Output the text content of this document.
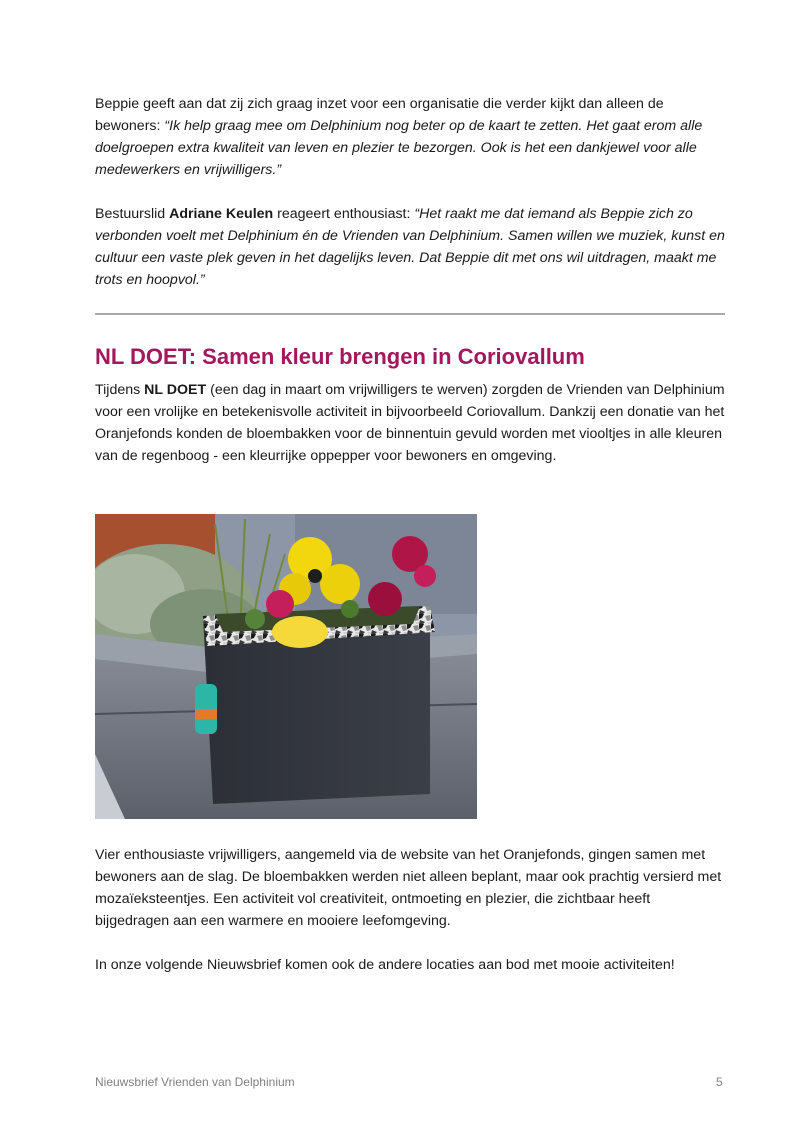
Beppie geeft aan dat zij zich graag inzet voor een organisatie die verder kijkt dan alleen de bewoners: “Ik help graag mee om Delphinium nog beter op de kaart te zetten. Het gaat erom alle doelgroepen extra kwaliteit van leven en plezier te bezorgen. Ook is het een dankjewel voor alle medewerkers en vrijwilligers.”

Bestuurslid Adriane Keulen reageert enthousiast: “Het raakt me dat iemand als Beppie zich zo verbonden voelt met Delphinium én de Vrienden van Delphinium. Samen willen we muziek, kunst en cultuur een vaste plek geven in het dagelijks leven. Dat Beppie dit met ons wil uitdragen, maakt me trots en hoopvol.”

NL DOET: Samen kleur brengen in Coriovallum

Tijdens NL DOET (een dag in maart om vrijwilligers te werven) zorgden de Vrienden van Delphinium voor een vrolijke en betekenisvolle activiteit in bijvoorbeeld Coriovallum. Dankzij een donatie van het Oranjefonds konden de bloembakken voor de binnentuin gevuld worden met viooltjes in alle kleuren van de regenboog - een kleurrijke oppepper voor bewoners en omgeving.

Vier enthousiaste vrijwilligers, aangemeld via de website van het Oranjefonds, gingen samen met bewoners aan de slag. De bloembakken werden niet alleen beplant, maar ook prachtig versierd met mozaïeksteentjes. Een activiteit vol creativiteit, ontmoeting en plezier, die zichtbaar heeft bijgedragen aan een warmere en mooiere leefomgeving.

In onze volgende Nieuwsbrief komen ook de andere locaties aan bod met mooie activiteiten!

Nieuwsbrief Vrienden van Delphinium	5
